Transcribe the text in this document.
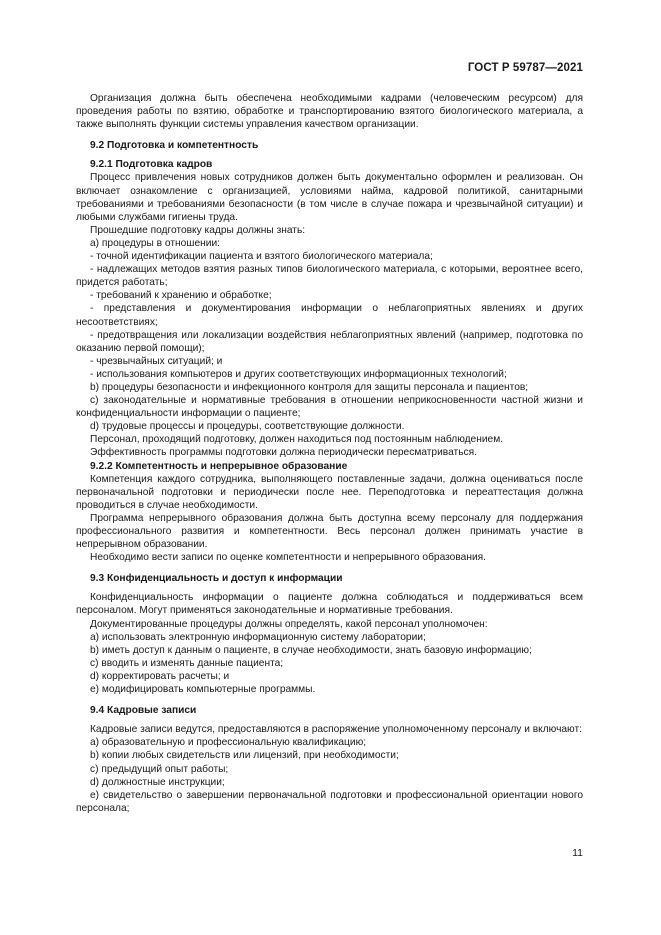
ГОСТ Р 59787—2021

Организация должна быть обеспечена необходимыми кадрами (человеческим ресурсом) для проведения работы по взятию, обработке и транспортированию взятого биологического материала, а также выполнять функции системы управления качеством организации.

9.2 Подготовка и компетентность

9.2.1 Подготовка кадров

Процесс привлечения новых сотрудников должен быть документально оформлен и реализован. Он включает ознакомление с организацией, условиями найма, кадровой политикой, санитарными требованиями и требованиями безопасности (в том числе в случае пожара и чрезвычайной ситуации) и любыми службами гигиены труда.

Прошедшие подготовку кадры должны знать:

a) процедуры в отношении:

- точной идентификации пациента и взятого биологического материала;

- надлежащих методов взятия разных типов биологического материала, с которыми, вероятнее всего, придется работать;

- требований к хранению и обработке;

- представления и документирования информации о неблагоприятных явлениях и других несоответствиях;

- предотвращения или локализации воздействия неблагоприятных явлений (например, подготовка по оказанию первой помощи);

- чрезвычайных ситуаций; и

- использования компьютеров и других соответствующих информационных технологий;

b) процедуры безопасности и инфекционного контроля для защиты персонала и пациентов;

c) законодательные и нормативные требования в отношении неприкосновенности частной жизни и конфиденциальности информации о пациенте;

d) трудовые процессы и процедуры, соответствующие должности.

Персонал, проходящий подготовку, должен находиться под постоянным наблюдением.

Эффективность программы подготовки должна периодически пересматриваться.

9.2.2 Компетентность и непрерывное образование

Компетенция каждого сотрудника, выполняющего поставленные задачи, должна оцениваться после первоначальной подготовки и периодически после нее. Переподготовка и переаттестация должна проводиться в случае необходимости.

Программа непрерывного образования должна быть доступна всему персоналу для поддержания профессионального развития и компетентности. Весь персонал должен принимать участие в непрерывном образовании.

Необходимо вести записи по оценке компетентности и непрерывного образования.

9.3 Конфиденциальность и доступ к информации

Конфиденциальность информации о пациенте должна соблюдаться и поддерживаться всем персоналом. Могут применяться законодательные и нормативные требования.

Документированные процедуры должны определять, какой персонал уполномочен:

a) использовать электронную информационную систему лаборатории;

b) иметь доступ к данным о пациенте, в случае необходимости, знать базовую информацию;

c) вводить и изменять данные пациента;

d) корректировать расчеты; и

e) модифицировать компьютерные программы.

9.4 Кадровые записи

Кадровые записи ведутся, предоставляются в распоряжение уполномоченному персоналу и включают:

a) образовательную и профессиональную квалификацию;

b) копии любых свидетельств или лицензий, при необходимости;

c) предыдущий опыт работы;

d) должностные инструкции;

e) свидетельство о завершении первоначальной подготовки и профессиональной ориентации нового персонала;

11
